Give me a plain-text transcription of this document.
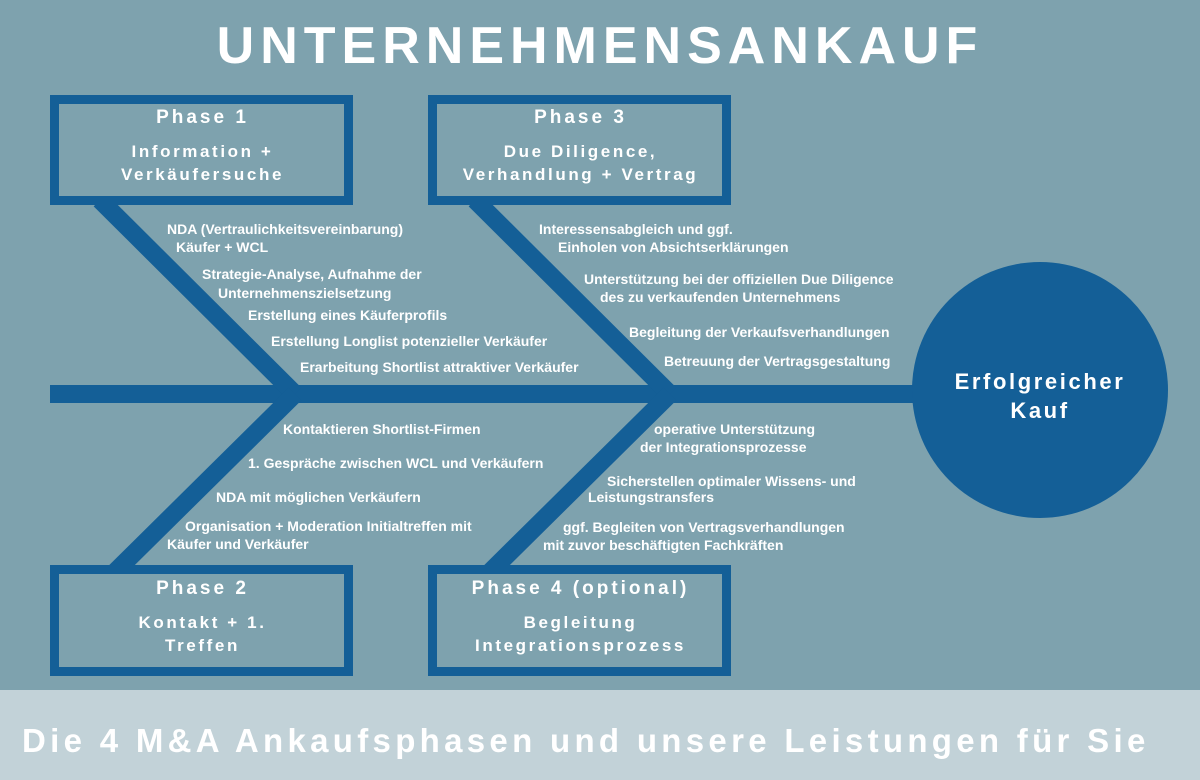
UNTERNEHMENSANKAUF
Phase 1
Information +
Verkäufersuche
Phase 3
Due Diligence,
Verhandlung + Vertrag
Phase 2
Kontakt + 1.
Treffen
Phase 4 (optional)
Begleitung
Integrationsprozess
NDA (Vertraulichkeitsvereinbarung)
Käufer + WCL
Strategie-Analyse, Aufnahme der
Unternehmenszielsetzung
Erstellung eines Käuferprofils
Erstellung Longlist potenzieller Verkäufer
Erarbeitung Shortlist attraktiver Verkäufer
Interessensabgleich und ggf.
Einholen von Absichtserklärungen
Unterstützung bei der offiziellen Due Diligence
des zu verkaufenden Unternehmens
Begleitung der Verkaufsverhandlungen
Betreuung der Vertragsgestaltung
Kontaktieren Shortlist-Firmen
1. Gespräche zwischen WCL und Verkäufern
NDA mit möglichen Verkäufern
Organisation + Moderation Initialtreffen mit
Käufer und Verkäufer
operative Unterstützung
der Integrationsprozesse
Sicherstellen optimaler Wissens- und
Leistungstransfers
ggf. Begleiten von Vertragsverhandlungen
mit zuvor beschäftigten Fachkräften
Erfolgreicher
Kauf
Die 4 M&A Ankaufsphasen und unsere Leistungen für Sie
